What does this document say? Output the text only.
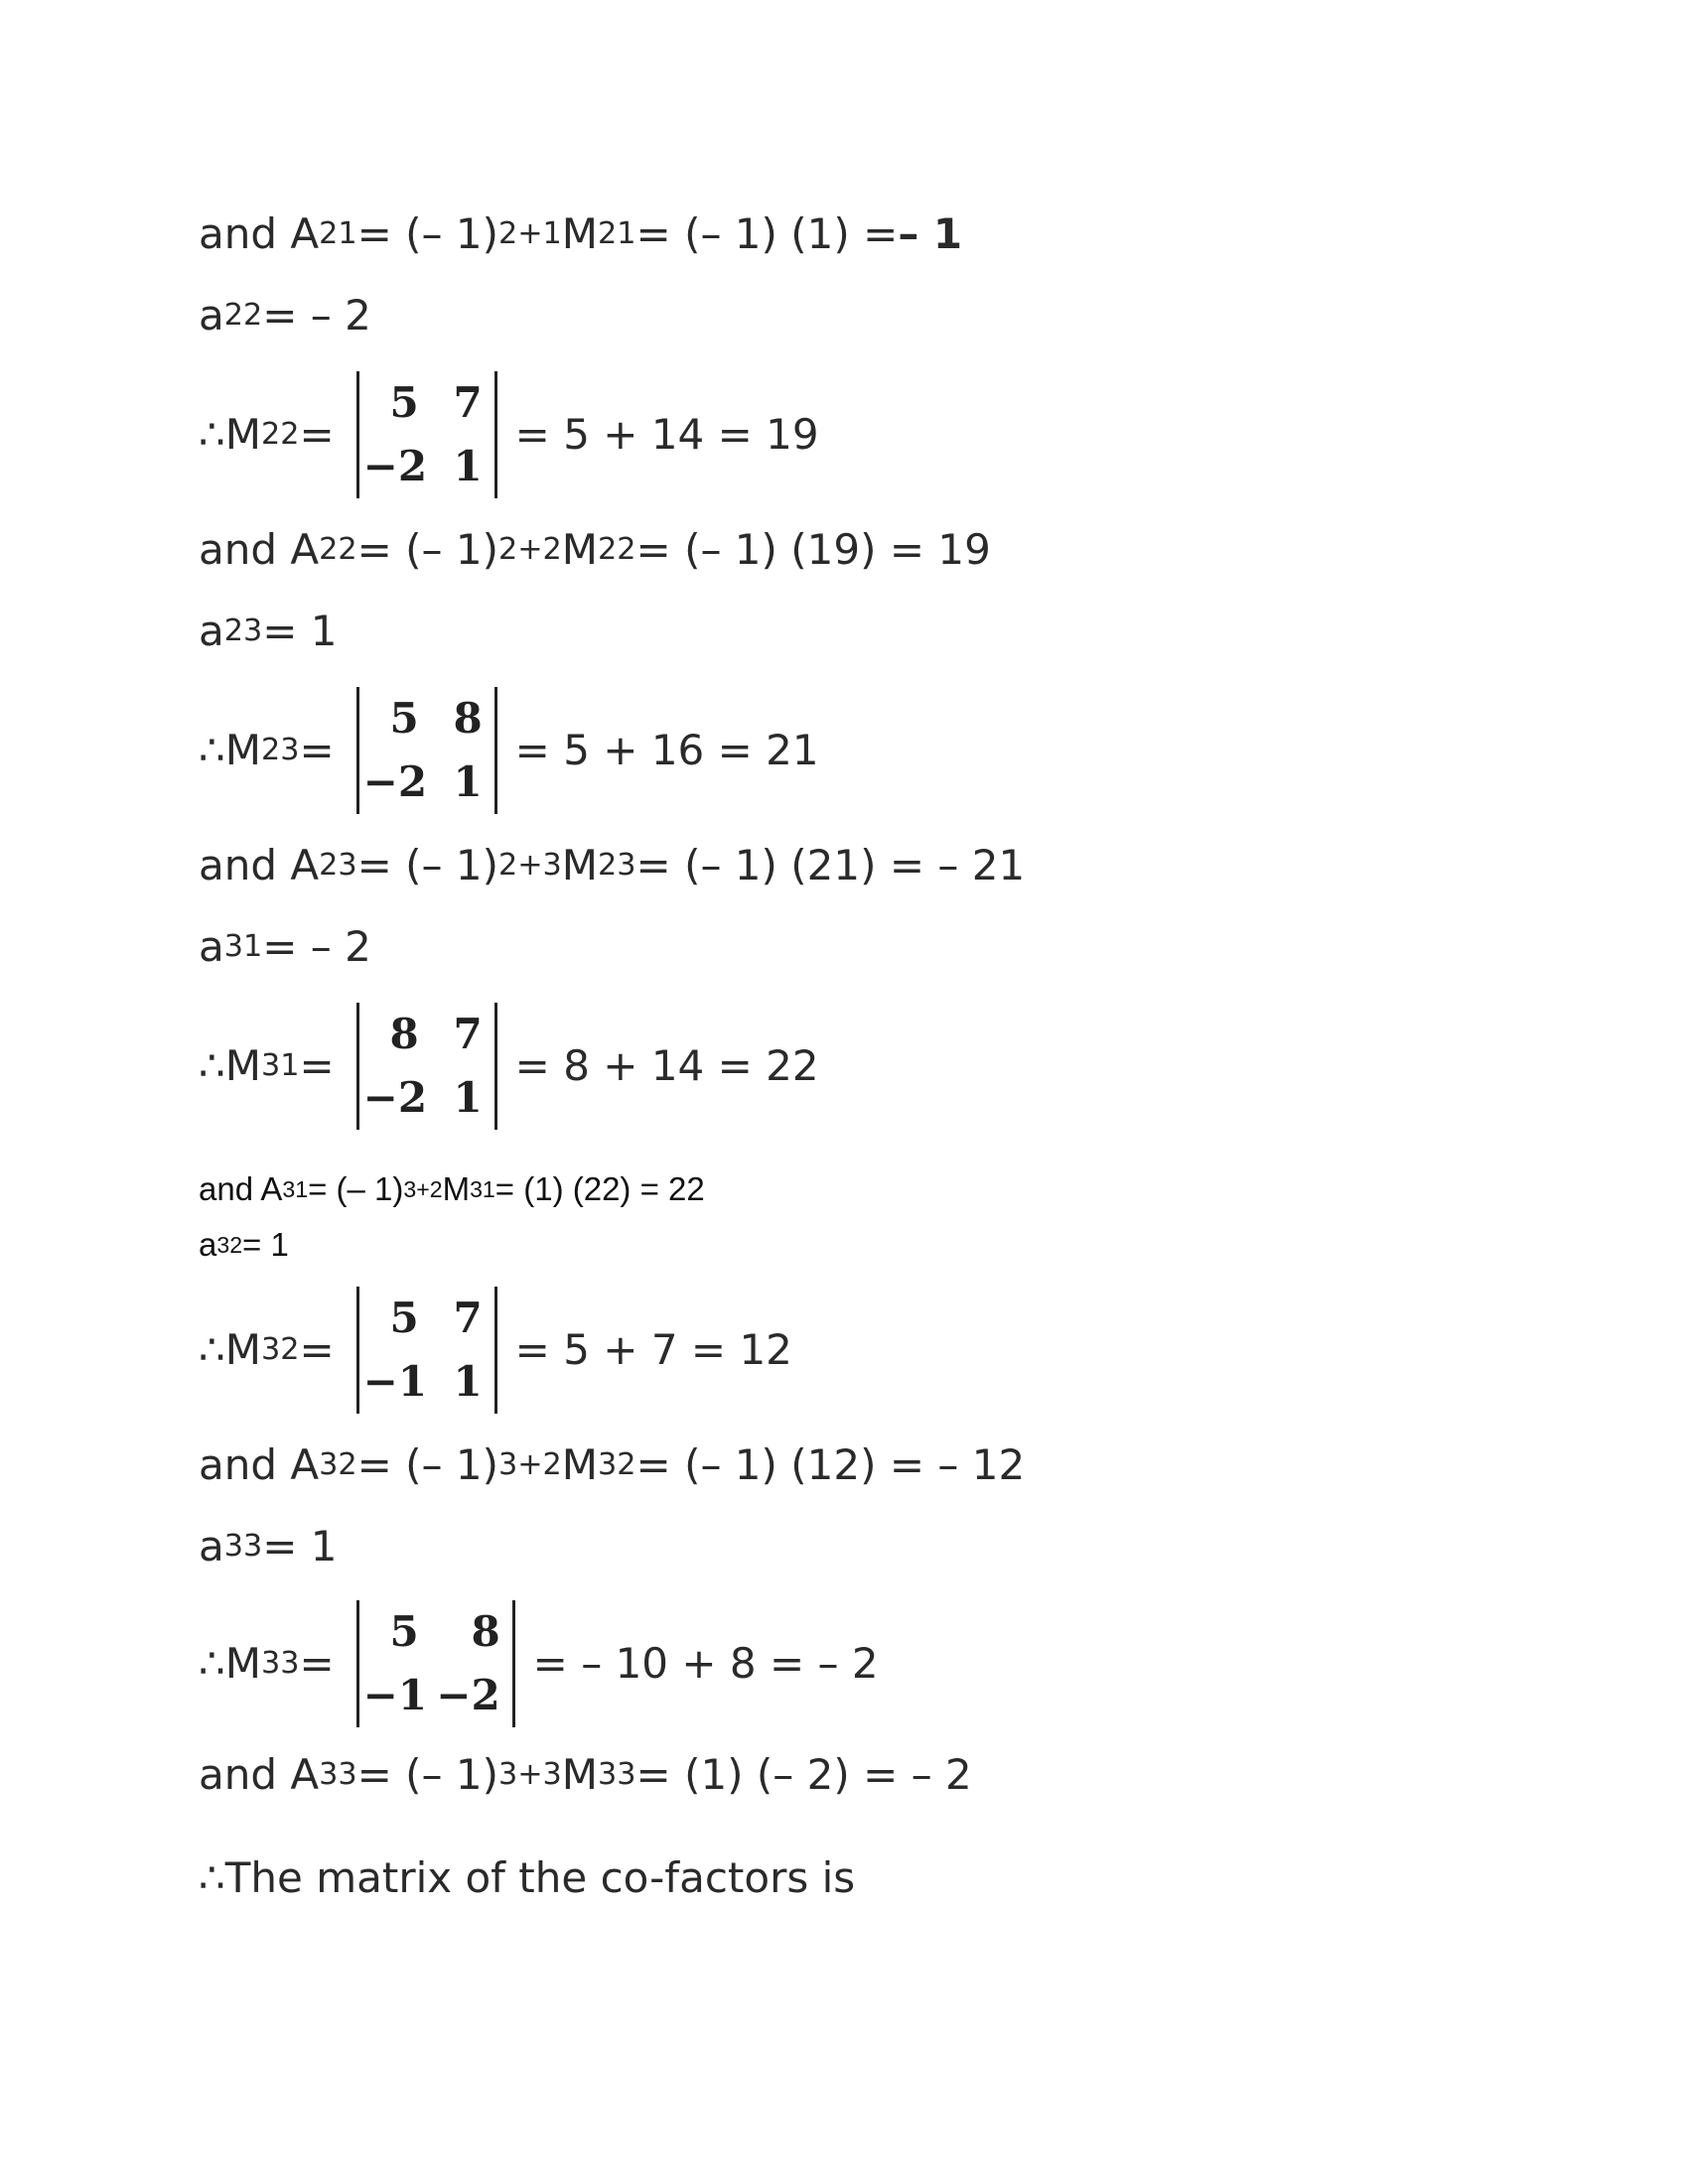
and A 21 = (– 1) 2+1 M 21 = (– 1) (1) = – 1
a 22 = – 2
∴ M 22 =
5 7
−2 1
= 5 + 14 = 19
and A 22 = (– 1) 2+2 M 22 = (– 1) (19) = 19
a 23 = 1
∴ M 23 =
5 8
−2 1
= 5 + 16 = 21
and A 23 = (– 1) 2+3 M 23 = (– 1) (21) = – 21
a 31 = – 2
∴ M 31 =
8 7
−2 1
= 8 + 14 = 22
and A 31 = (– 1) 3+2 M 31 = (1) (22) = 22
a 32 = 1
∴ M 32 =
5 7
−1 1
= 5 + 7 = 12
and A 32 = (– 1) 3+2 M 32 = (– 1) (12) = – 12
a 33 = 1
∴ M 33 =
5	8
−1 −2
= – 10 + 8 = – 2
and A 33 = (– 1) 3+3 M 33 = (1) (– 2) = – 2
∴ The matrix of the co-factors is
